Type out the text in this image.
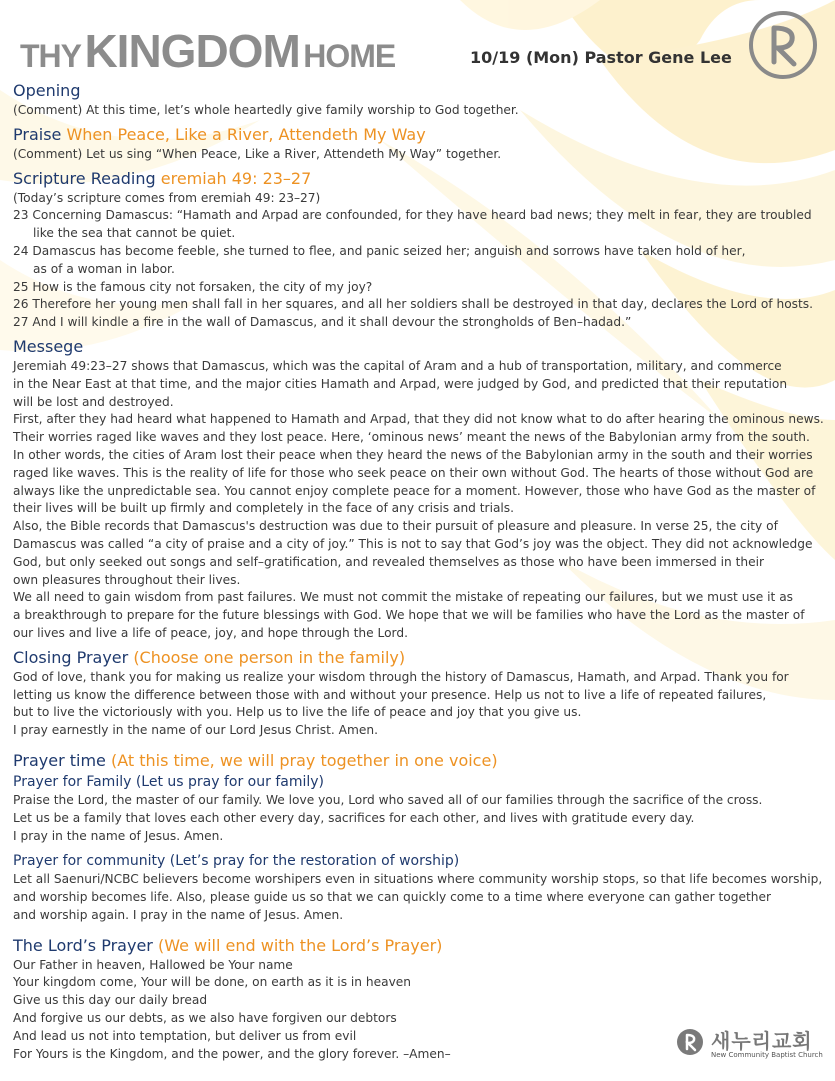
THY KINGDOM HOME	10/19 (Mon) Pastor Gene Lee
Opening
(Comment) At this time, let’s whole heartedly give family worship to God together.
Praise When Peace, Like a River, Attendeth My Way
(Comment) Let us sing “When Peace, Like a River, Attendeth My Way” together.
Scripture Reading eremiah 49: 23–27
(Today’s scripture comes from eremiah 49: 23–27)
23 Concerning Damascus: “Hamath and Arpad are confounded, for they have heard bad news; they melt in fear, they are troubled
like the sea that cannot be quiet.
24 Damascus has become feeble, she turned to flee, and panic seized her; anguish and sorrows have taken hold of her,
as of a woman in labor.
25 How is the famous city not forsaken, the city of my joy?
26 Therefore her young men shall fall in her squares, and all her soldiers shall be destroyed in that day, declares the Lord of hosts.
27 And I will kindle a fire in the wall of Damascus, and it shall devour the strongholds of Ben–hadad.”
Messege
Jeremiah 49:23–27 shows that Damascus, which was the capital of Aram and a hub of transportation, military, and commerce
in the Near East at that time, and the major cities Hamath and Arpad, were judged by God, and predicted that their reputation
will be lost and destroyed.
First, after they had heard what happened to Hamath and Arpad, that they did not know what to do after hearing the ominous news.
Their worries raged like waves and they lost peace. Here, ‘ominous news’ meant the news of the Babylonian army from the south.
In other words, the cities of Aram lost their peace when they heard the news of the Babylonian army in the south and their worries
raged like waves. This is the reality of life for those who seek peace on their own without God. The hearts of those without God are
always like the unpredictable sea. You cannot enjoy complete peace for a moment. However, those who have God as the master of
their lives will be built up firmly and completely in the face of any crisis and trials.
Also, the Bible records that Damascus's destruction was due to their pursuit of pleasure and pleasure. In verse 25, the city of
Damascus was called “a city of praise and a city of joy.” This is not to say that God’s joy was the object. They did not acknowledge
God, but only seeked out songs and self–gratification, and revealed themselves as those who have been immersed in their
own pleasures throughout their lives.
We all need to gain wisdom from past failures. We must not commit the mistake of repeating our failures, but we must use it as
a breakthrough to prepare for the future blessings with God. We hope that we will be families who have the Lord as the master of
our lives and live a life of peace, joy, and hope through the Lord.
Closing Prayer (Choose one person in the family)
God of love, thank you for making us realize your wisdom through the history of Damascus, Hamath, and Arpad. Thank you for
letting us know the difference between those with and without your presence. Help us not to live a life of repeated failures,
but to live the victoriously with you. Help us to live the life of peace and joy that you give us.
I pray earnestly in the name of our Lord Jesus Christ. Amen.
Prayer time (At this time, we will pray together in one voice)
Prayer for Family (Let us pray for our family)
Praise the Lord, the master of our family. We love you, Lord who saved all of our families through the sacrifice of the cross.
Let us be a family that loves each other every day, sacrifices for each other, and lives with gratitude every day.
I pray in the name of Jesus. Amen.
Prayer for community (Let’s pray for the restoration of worship)
Let all Saenuri/NCBC believers become worshipers even in situations where community worship stops, so that life becomes worship,
and worship becomes life. Also, please guide us so that we can quickly come to a time where everyone can gather together
and worship again. I pray in the name of Jesus. Amen.
The Lord’s Prayer (We will end with the Lord’s Prayer)
Our Father in heaven, Hallowed be Your name
Your kingdom come, Your will be done, on earth as it is in heaven
Give us this day our daily bread
And forgive us our debts, as we also have forgiven our debtors
And lead us not into temptation, but deliver us from evil
For Yours is the Kingdom, and the power, and the glory forever. –Amen–
새누리교회
New Community Baptist Church
